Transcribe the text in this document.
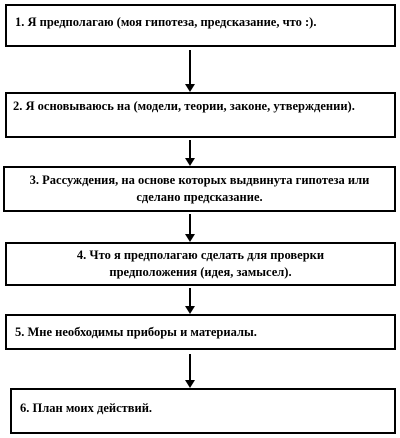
1. Я предполагаю (моя гипотеза, предсказание, что :).
2. Я основываюсь на (модели, теории, законе, утверждении).
3. Рассуждения, на основе которых выдвинута гипотеза или сделано предсказание.
4. Что я предполагаю сделать для проверки предположения (идея, замысел).
5. Мне необходимы приборы и материалы.
6. План моих действий.
